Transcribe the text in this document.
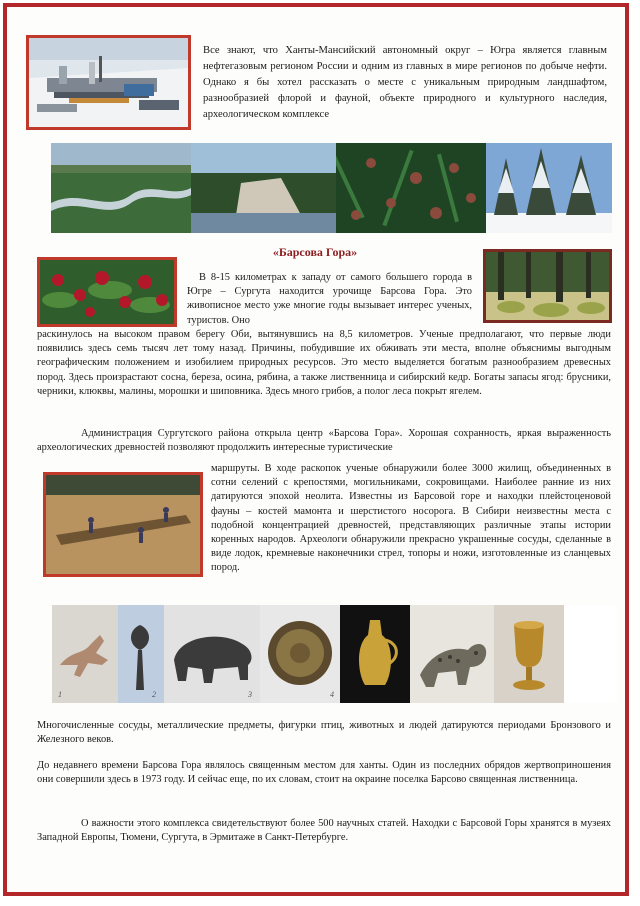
Все знают, что Ханты-Мансийский автономный округ – Югра является главным нефтегазовым регионом России и одним из главных в мире регионов по добыче нефти. Однако я бы хотел рассказать о месте с уникальным природным ландшафтом, разнообразией флорой и фауной, объекте природного и культурного наследия, археологическом комплексе

«Барсова Гора»

В 8-15 километрах к западу от самого большего города в Югре – Сургута находится урочище Барсова Гора. Это живописное место уже многие годы вызывает интерес ученых, туристов. Оно

раскинулось на высоком правом берегу Оби, вытянувшись на 8,5 километров. Ученые предполагают, что первые люди появились здесь семь тысяч лет тому назад. Причины, побудившие их обживать эти места, вполне объяснимы выгодным географическим положением и изобилием природных ресурсов. Это место выделяется богатым разнообразием древесных пород. Здесь произрастают сосна, береза, осина, рябина, а также лиственница и сибирский кедр. Богаты запасы ягод: брусники, черники, клюквы, малины, морошки и шиповника. Здесь много грибов, а полог леса покрыт ягелем.

Администрация Сургутского района открыла центр «Барсова Гора». Хорошая сохранность, яркая выраженность археологических древностей позволяют продолжить интересные туристические

маршруты. В ходе раскопок ученые обнаружили более 3000 жилищ, объединенных в сотни селений с крепостями, могильниками, сокровищами. Наиболее ранние из них датируются эпохой неолита. Известны из Барсовой горе и находки плейстоценовой фауны – костей мамонта и шерстистого носорога. В Сибири неизвестны места с подобной концентрацией древностей, представляющих различные этапы истории коренных народов. Археологи обнаружили прекрасно украшенные сосуды, сделанные в виде лодок, кремневые наконечники стрел, топоры и ножи, изготовленные из сланцевых пород.

1	2	3	4

Многочисленные сосуды, металлические предметы, фигурки птиц, животных и людей датируются периодами Бронзового и Железного веков.

До недавнего времени Барсова Гора являлось священным местом для ханты. Один из последних обрядов жертвоприношения они совершили здесь в 1973 году. И сейчас еще, по их словам, стоит на окраине поселка Барсово священная лиственница.

О важности этого комплекса свидетельствуют более 500 научных статей. Находки с Барсовой Горы хранятся в музеях Западной Европы, Тюмени, Сургута, в Эрмитаже в Санкт-Петербурге.
